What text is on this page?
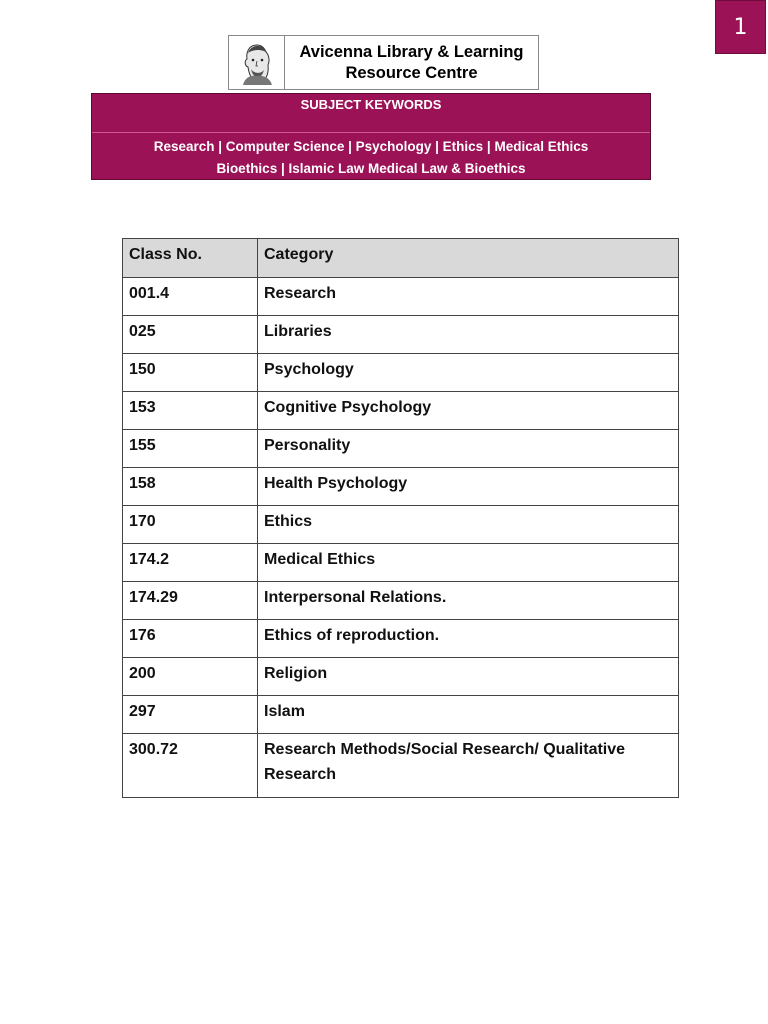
1
Avicenna Library & Learning
Resource Centre
SUBJECT KEYWORDS
Research | Computer Science | Psychology | Ethics | Medical Ethics
Bioethics | Islamic Law Medical Law & Bioethics
Class No.	Category
001.4	Research
025	Libraries
150	Psychology
153	Cognitive Psychology
155	Personality
158	Health Psychology
170	Ethics
174.2	Medical Ethics
174.29	Interpersonal Relations.
176	Ethics of reproduction.
200	Religion
297	Islam
300.72	Research Methods/Social Research/ Qualitative Research
